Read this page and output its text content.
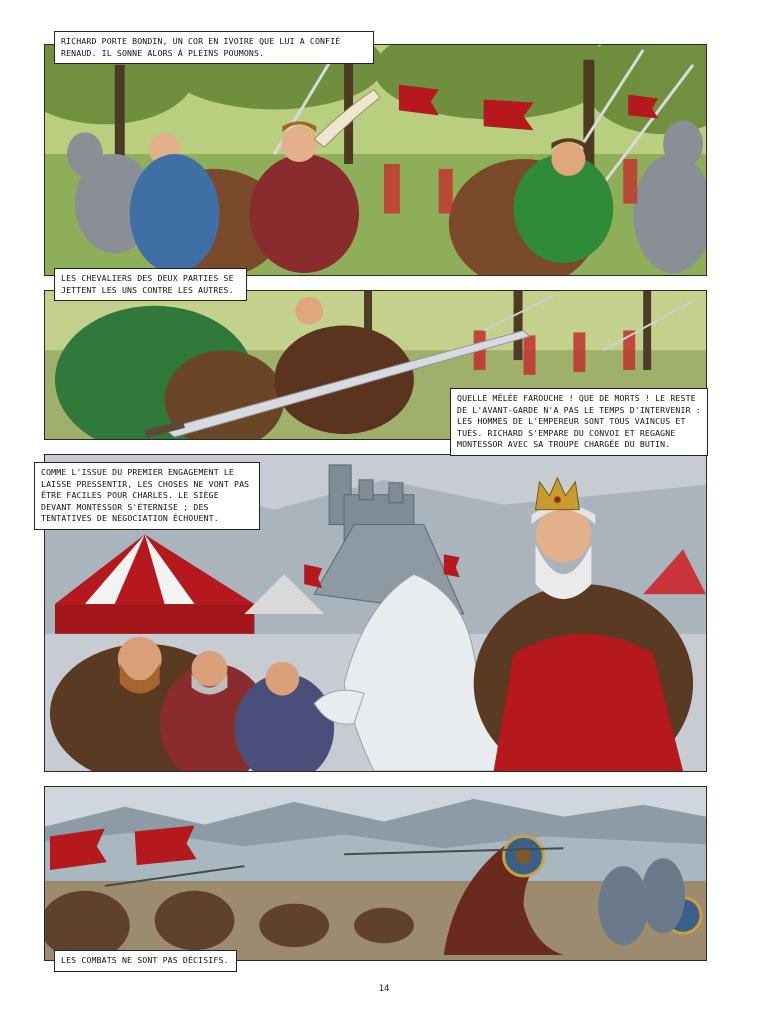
RICHARD PORTE BONDIN, UN COR EN IVOIRE QUE LUI A CONFIÉ RENAUD. IL SONNE ALORS À PLEINS POUMONS.
LES CHEVALIERS DES DEUX PARTIES SE JETTENT LES UNS CONTRE LES AUTRES.
QUELLE MÊLÉE FAROUCHE ! QUE DE MORTS ! LE RESTE DE L'AVANT-GARDE N'A PAS LE TEMPS D'INTERVENIR : LES HOMMES DE L'EMPEREUR SONT TOUS VAINCUS ET TUÉS. RICHARD S'EMPARE DU CONVOI ET REGAGNE MONTESSOR AVEC SA TROUPE CHARGÉE DU BUTIN.
COMME L'ISSUE DU PREMIER ENGAGEMENT LE LAISSE PRESSENTIR, LES CHOSES NE VONT PAS ÊTRE FACILES POUR CHARLES. LE SIÈGE DEVANT MONTESSOR S'ÉTERNISE ; DES TENTATIVES DE NÉGOCIATION ÉCHOUENT.
LES COMBATS NE SONT PAS DÉCISIFS.
14
